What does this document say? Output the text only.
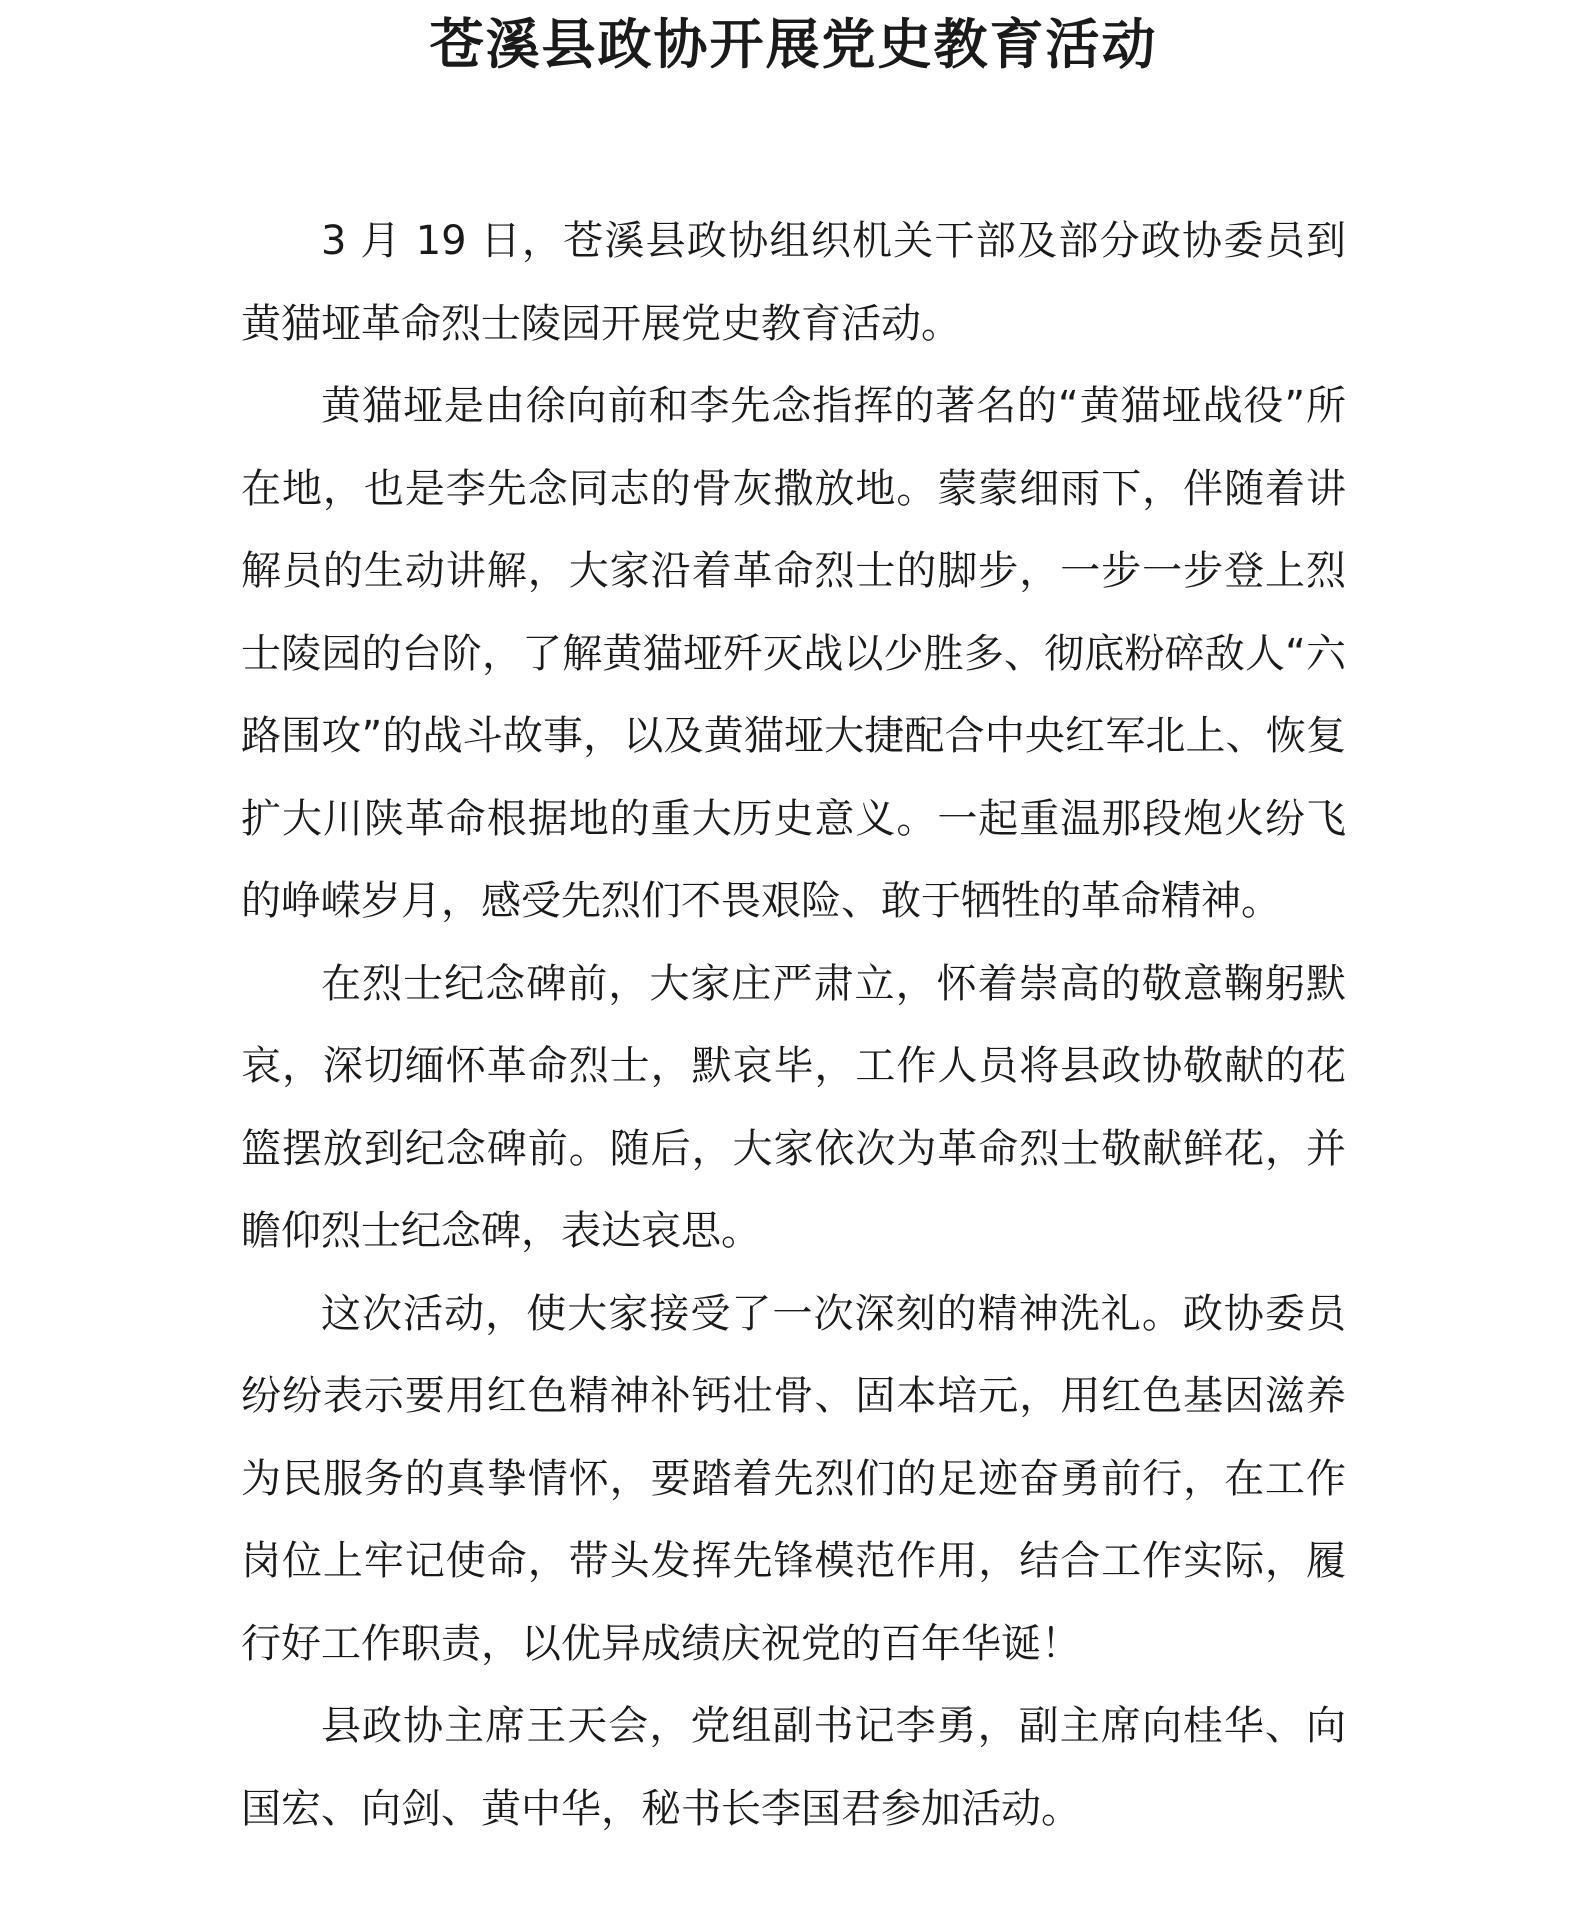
苍溪县政协开展党史教育活动

3 月 19 日，苍溪县政协组织机关干部及部分政协委员到黄猫垭革命烈士陵园开展党史教育活动。

黄猫垭是由徐向前和李先念指挥的著名的“黄猫垭战役”所在地，也是李先念同志的骨灰撒放地。蒙蒙细雨下，伴随着讲解员的生动讲解，大家沿着革命烈士的脚步，一步一步登上烈士陵园的台阶，了解黄猫垭歼灭战以少胜多、彻底粉碎敌人“六路围攻”的战斗故事，以及黄猫垭大捷配合中央红军北上、恢复扩大川陕革命根据地的重大历史意义。一起重温那段炮火纷飞的峥嵘岁月，感受先烈们不畏艰险、敢于牺牲的革命精神。

在烈士纪念碑前，大家庄严肃立，怀着崇高的敬意鞠躬默哀，深切缅怀革命烈士，默哀毕，工作人员将县政协敬献的花篮摆放到纪念碑前。随后，大家依次为革命烈士敬献鲜花，并瞻仰烈士纪念碑，表达哀思。

这次活动，使大家接受了一次深刻的精神洗礼。政协委员纷纷表示要用红色精神补钙壮骨、固本培元，用红色基因滋养为民服务的真挚情怀，要踏着先烈们的足迹奋勇前行，在工作岗位上牢记使命，带头发挥先锋模范作用，结合工作实际，履行好工作职责，以优异成绩庆祝党的百年华诞！

县政协主席王天会，党组副书记李勇，副主席向桂华、向国宏、向剑、黄中华，秘书长李国君参加活动。
